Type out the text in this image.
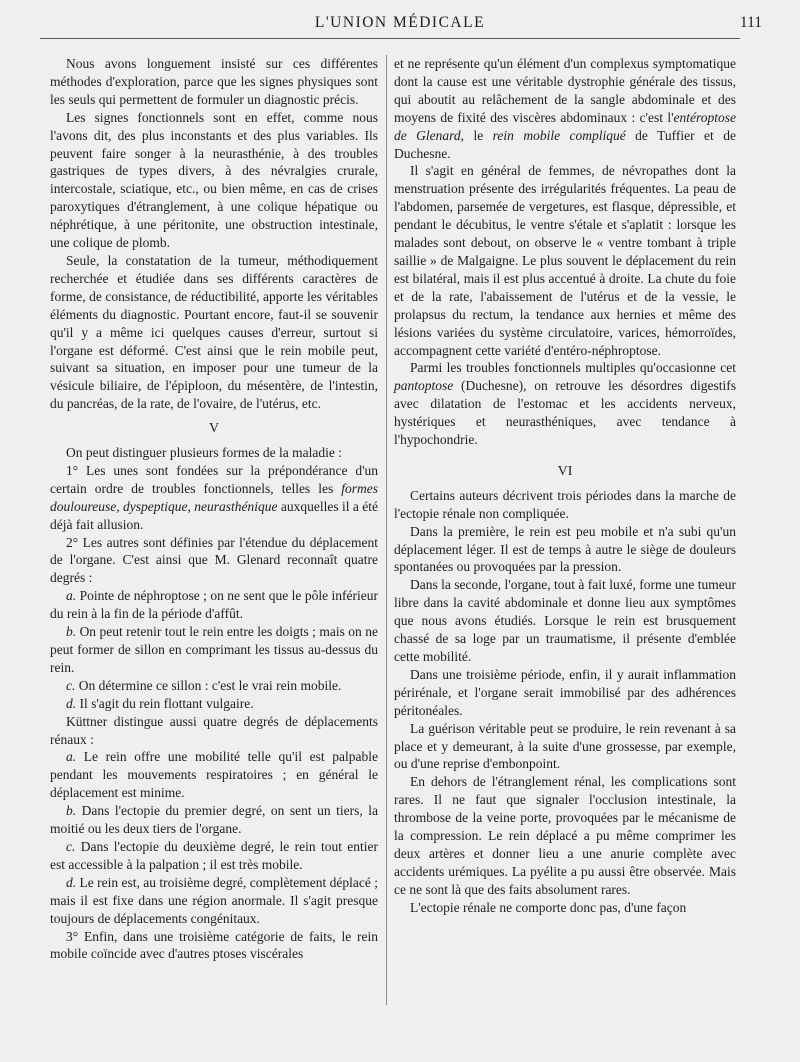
L'UNION MÉDICALE	111

Nous avons longuement insisté sur ces différentes méthodes d'exploration, parce que les signes physiques sont les seuls qui permettent de formuler un diagnostic précis.

Les signes fonctionnels sont en effet, comme nous l'avons dit, des plus inconstants et des plus variables. Ils peuvent faire songer à la neurasthénie, à des troubles gastriques de types divers, à des névralgies crurale, intercostale, sciatique, etc., ou bien même, en cas de crises paroxytiques d'étranglement, à une colique hépatique ou néphrétique, à une péritonite, une obstruction intestinale, une colique de plomb.

Seule, la constatation de la tumeur, méthodiquement recherchée et étudiée dans ses différents caractères de forme, de consistance, de réductibilité, apporte les véritables éléments du diagnostic. Pourtant encore, faut-il se souvenir qu'il y a même ici quelques causes d'erreur, surtout si l'organe est déformé. C'est ainsi que le rein mobile peut, suivant sa situation, en imposer pour une tumeur de la vésicule biliaire, de l'épiploon, du mésentère, de l'intestin, du pancréas, de la rate, de l'ovaire, de l'utérus, etc.

V

On peut distinguer plusieurs formes de la maladie :

1° Les unes sont fondées sur la prépondérance d'un certain ordre de troubles fonctionnels, telles les formes douloureuse, dyspeptique, neurasthénique auxquelles il a été déjà fait allusion.

2° Les autres sont définies par l'étendue du déplacement de l'organe. C'est ainsi que M. Glenard reconnaît quatre degrés :

a. Pointe de néphroptose ; on ne sent que le pôle inférieur du rein à la fin de la période d'affût.

b. On peut retenir tout le rein entre les doigts ; mais on ne peut former de sillon en comprimant les tissus au-dessus du rein.

c. On détermine ce sillon : c'est le vrai rein mobile.

d. Il s'agit du rein flottant vulgaire.

Küttner distingue aussi quatre degrés de déplacements rénaux :

a. Le rein offre une mobilité telle qu'il est palpable pendant les mouvements respiratoires ; en général le déplacement est minime.

b. Dans l'ectopie du premier degré, on sent un tiers, la moitié ou les deux tiers de l'organe.

c. Dans l'ectopie du deuxième degré, le rein tout entier est accessible à la palpation ; il est très mobile.

d. Le rein est, au troisième degré, complètement déplacé ; mais il est fixe dans une région anormale. Il s'agit presque toujours de déplacements congénitaux.

3° Enfin, dans une troisième catégorie de faits, le rein mobile coïncide avec d'autres ptoses viscérales

et ne représente qu'un élément d'un complexus symptomatique dont la cause est une véritable dystrophie générale des tissus, qui aboutit au relâchement de la sangle abdominale et des moyens de fixité des viscères abdominaux : c'est l'entéroptose de Glenard, le rein mobile compliqué de Tuffier et de Duchesne.

Il s'agit en général de femmes, de névropathes dont la menstruation présente des irrégularités fréquentes. La peau de l'abdomen, parsemée de vergetures, est flasque, dépressible, et pendant le décubitus, le ventre s'étale et s'aplatit : lorsque les malades sont debout, on observe le « ventre tombant à triple saillie » de Malgaigne. Le plus souvent le déplacement du rein est bilatéral, mais il est plus accentué à droite. La chute du foie et de la rate, l'abaissement de l'utérus et de la vessie, le prolapsus du rectum, la tendance aux hernies et même des lésions variées du système circulatoire, varices, hémorroïdes, accompagnent cette variété d'entéro-néphroptose.

Parmi les troubles fonctionnels multiples qu'occasionne cet pantoptose (Duchesne), on retrouve les désordres digestifs avec dilatation de l'estomac et les accidents nerveux, hystériques et neurasthéniques, avec tendance à l'hypochondrie.

VI

Certains auteurs décrivent trois périodes dans la marche de l'ectopie rénale non compliquée.

Dans la première, le rein est peu mobile et n'a subi qu'un déplacement léger. Il est de temps à autre le siège de douleurs spontanées ou provoquées par la pression.

Dans la seconde, l'organe, tout à fait luxé, forme une tumeur libre dans la cavité abdominale et donne lieu aux symptômes que nous avons étudiés. Lorsque le rein est brusquement chassé de sa loge par un traumatisme, il présente d'emblée cette mobilité.

Dans une troisième période, enfin, il y aurait inflammation périrénale, et l'organe serait immobilisé par des adhérences péritonéales.

La guérison véritable peut se produire, le rein revenant à sa place et y demeurant, à la suite d'une grossesse, par exemple, ou d'une reprise d'embonpoint.

En dehors de l'étranglement rénal, les complications sont rares. Il ne faut que signaler l'occlusion intestinale, la thrombose de la veine porte, provoquées par le mécanisme de la compression. Le rein déplacé a pu même comprimer les deux artères et donner lieu a une anurie complète avec accidents urémiques. La pyélite a pu aussi être observée. Mais ce ne sont là que des faits absolument rares.

L'ectopie rénale ne comporte donc pas, d'une façon
